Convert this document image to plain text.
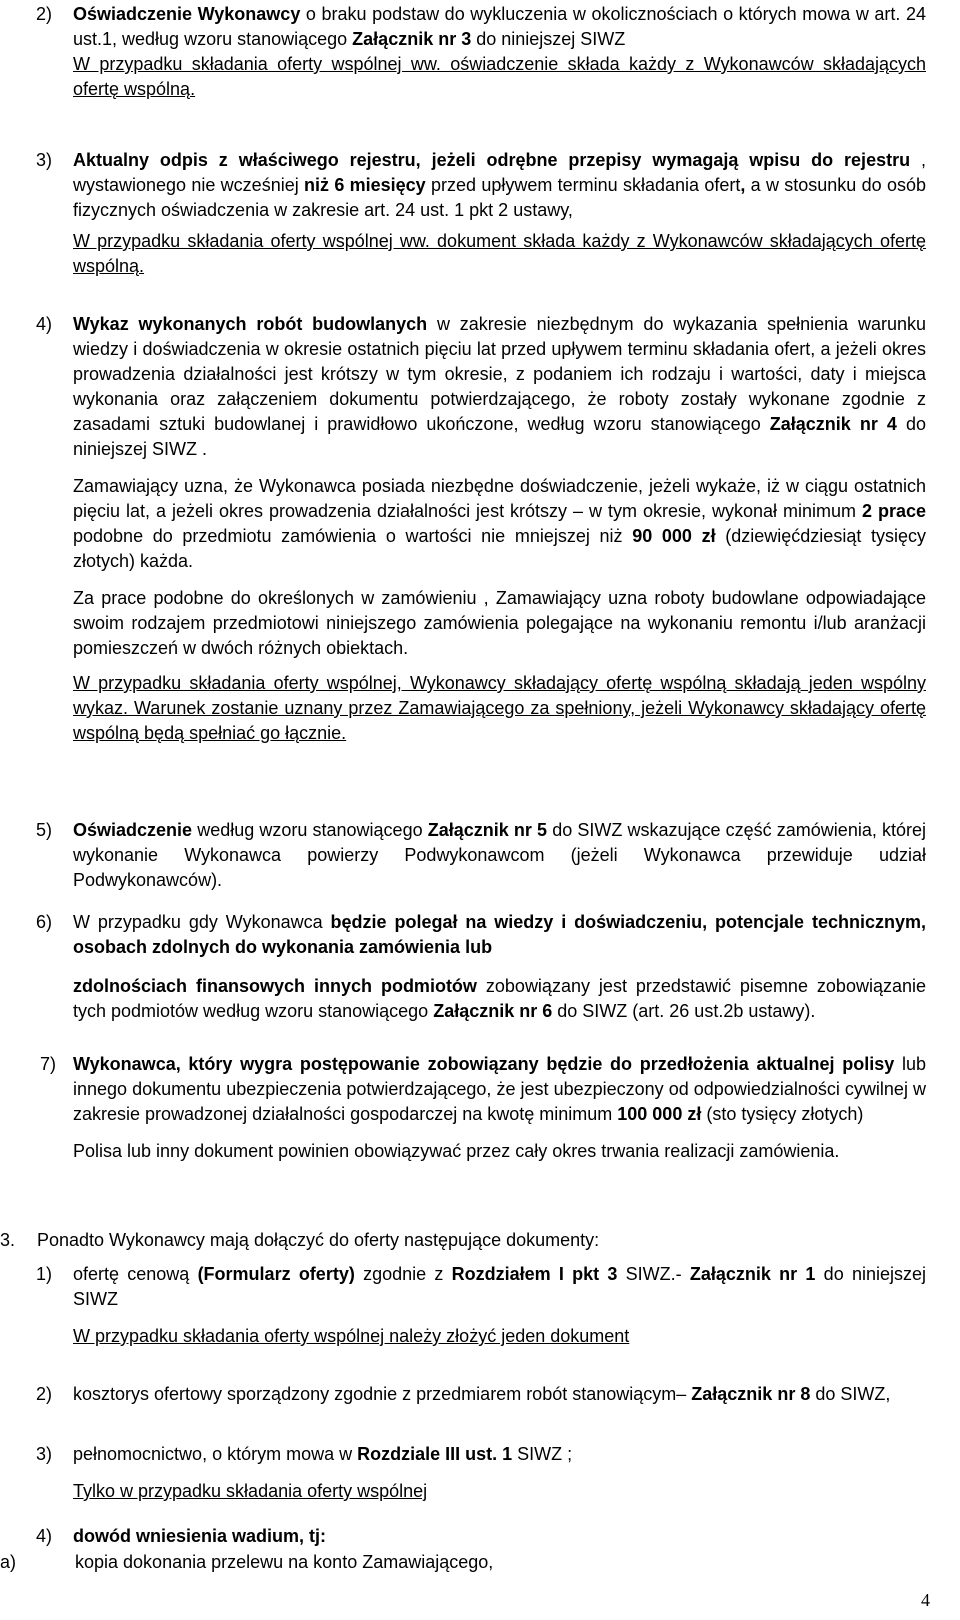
2) Oświadczenie Wykonawcy o braku podstaw do wykluczenia w okolicznościach o których mowa w art. 24 ust.1, według wzoru stanowiącego Załącznik nr 3 do niniejszej SIWZ

W przypadku składania oferty wspólnej ww. oświadczenie składa każdy z Wykonawców składających ofertę wspólną.

3) Aktualny odpis z właściwego rejestru, jeżeli odrębne przepisy wymagają wpisu do rejestru , wystawionego nie wcześniej niż 6 miesięcy przed upływem terminu składania ofert, a w stosunku do osób fizycznych oświadczenia w zakresie art. 24 ust. 1 pkt 2 ustawy,

W przypadku składania oferty wspólnej ww. dokument składa każdy z Wykonawców składających ofertę wspólną.

4) Wykaz wykonanych robót budowlanych w zakresie niezbędnym do wykazania spełnienia warunku wiedzy i doświadczenia w okresie ostatnich pięciu lat przed upływem terminu składania ofert, a jeżeli okres prowadzenia działalności jest krótszy w tym okresie, z podaniem ich rodzaju i wartości, daty i miejsca wykonania oraz załączeniem dokumentu potwierdzającego, że roboty zostały wykonane zgodnie z zasadami sztuki budowlanej i prawidłowo ukończone, według wzoru stanowiącego Załącznik nr 4 do niniejszej SIWZ .

Zamawiający uzna, że Wykonawca posiada niezbędne doświadczenie, jeżeli wykaże, iż w ciągu ostatnich pięciu lat, a jeżeli okres prowadzenia działalności jest krótszy – w tym okresie, wykonał minimum 2 prace podobne do przedmiotu zamówienia o wartości nie mniejszej niż 90 000 zł (dziewięćdziesiąt tysięcy złotych) każda.

Za prace podobne do określonych w zamówieniu , Zamawiający uzna roboty budowlane odpowiadające swoim rodzajem przedmiotowi niniejszego zamówienia polegające na wykonaniu remontu i/lub aranżacji pomieszczeń w dwóch różnych obiektach.

W przypadku składania oferty wspólnej, Wykonawcy składający ofertę wspólną składają jeden wspólny wykaz. Warunek zostanie uznany przez Zamawiającego za spełniony, jeżeli Wykonawcy składający ofertę wspólną będą spełniać go łącznie.

5) Oświadczenie według wzoru stanowiącego Załącznik nr 5 do SIWZ wskazujące część zamówienia, której wykonanie Wykonawca powierzy Podwykonawcom (jeżeli Wykonawca przewiduje udział Podwykonawców).

6) W przypadku gdy Wykonawca będzie polegał na wiedzy i doświadczeniu, potencjale technicznym, osobach zdolnych do wykonania zamówienia lub

zdolnościach finansowych innych podmiotów zobowiązany jest przedstawić pisemne zobowiązanie tych podmiotów według wzoru stanowiącego Załącznik nr 6 do SIWZ (art. 26 ust.2b ustawy).

7) Wykonawca, który wygra postępowanie zobowiązany będzie do przedłożenia aktualnej polisy lub innego dokumentu ubezpieczenia potwierdzającego, że jest ubezpieczony od odpowiedzialności cywilnej w zakresie prowadzonej działalności gospodarczej na kwotę minimum 100 000 zł (sto tysięcy złotych)

Polisa lub inny dokument powinien obowiązywać przez cały okres trwania realizacji zamówienia.

3. Ponadto Wykonawcy mają dołączyć do oferty następujące dokumenty:

1) ofertę cenową (Formularz oferty) zgodnie z Rozdziałem I pkt 3 SIWZ.- Załącznik nr 1 do niniejszej SIWZ

W przypadku składania oferty wspólnej należy złożyć jeden dokument

2) kosztorys ofertowy sporządzony zgodnie z przedmiarem robót stanowiącym– Załącznik nr 8 do SIWZ,

3) pełnomocnictwo, o którym mowa w Rozdziale III ust. 1 SIWZ ;

Tylko w przypadku składania oferty wspólnej

4) dowód wniesienia wadium, tj:

a)	kopia dokonania przelewu na konto Zamawiającego,

4
